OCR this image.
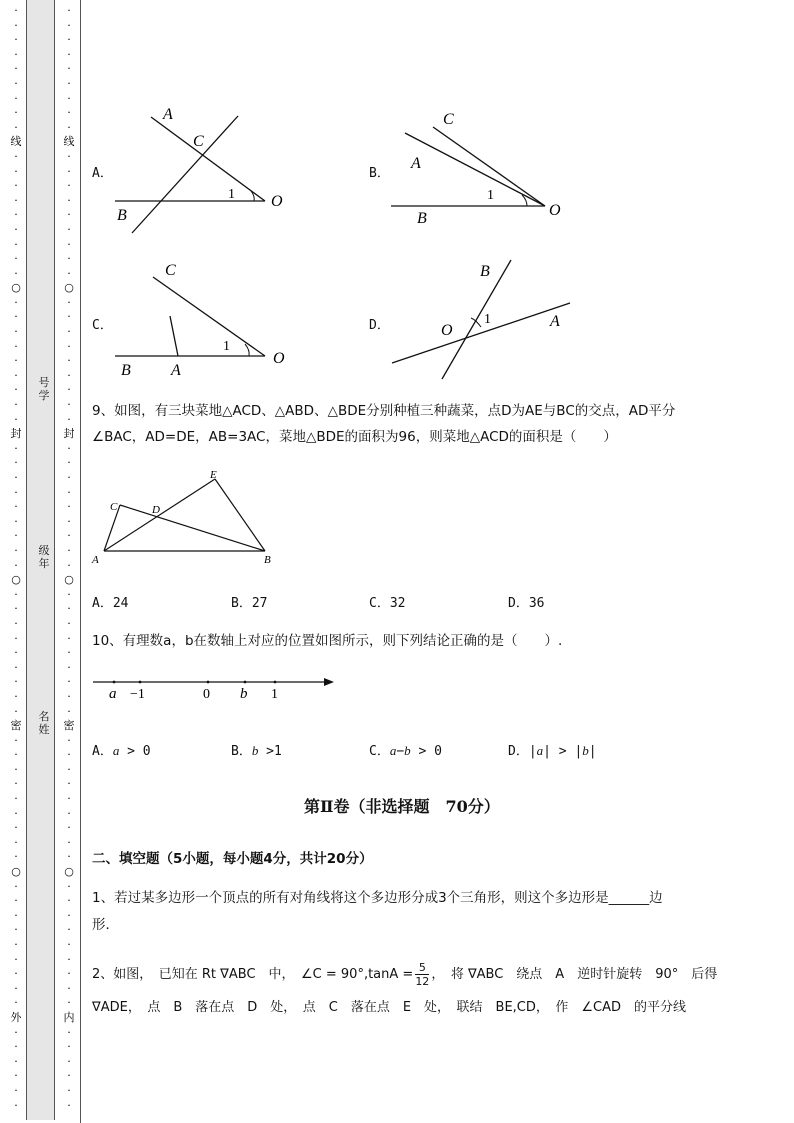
·
·
·
·
·
·
·
·
·
线
·
·
·
·
·
·
·
·
·
○
·
·
·
·
·
·
·
·
·
封
·
·
·
·
·
·
·
·
·
○
·
·
·
·
·
·
·
·
·
密
·
·
·
·
·
·
·
·
·
○
·
·
·
·
·
·
·
·
·
外
·
·
·
·
·
·
·
·
·
·
·
·
·
·
·
线
·
·
·
·
·
·
·
·
·
○
·
·
·
·
·
·
·
·
·
封
·
·
·
·
·
·
·
·
·
○
·
·
·
·
·
·
·
·
·
密
·
·
·
·
·
·
·
·
·
○
·
·
·
·
·
·
·
·
·
内
·
·
·
·
·
·
号
学
级
年
名
姓
A．
A
C
1 O
B
B．
C
A
1
O
B
C．
C
1
O
B	A
D．
B
O
1	A
9、如图，有三块菜地△ACD、△ABD、△BDE分别种植三种蔬菜，点D为AE与BC的交点，AD平分
∠BAC，AD=DE，AB=3AC，菜地△BDE的面积为96，则菜地△ACD的面积是（　　）
E
C	D
A	B
A．24	B．27	C．32	D．36
10、有理数a，b在数轴上对应的位置如图所示，则下列结论正确的是（　　）.
a −1	0 b 1
A．a > 0	B．b >1	C．a−b > 0	D．|a| > |b|
第Ⅱ卷（非选择题　70分）
二、填空题（5小题，每小题4分，共计20分）
1、若过某多边形一个顶点的所有对角线将这个多边形分成3个三角形，则这个多边形是______边
形．
2、如图，　已知在 Rt ∇ABC　中，　∠C = $90^\circ,\tan A = \frac{5}{12}$ ，　将 ∇ABC　绕点　A　逆时针旋转　90°　后得
∇ADE，　点　B　落在点　D　处，　点　C　落在点　E　处，　联结　BE,CD，　作　∠CAD　的平分线
